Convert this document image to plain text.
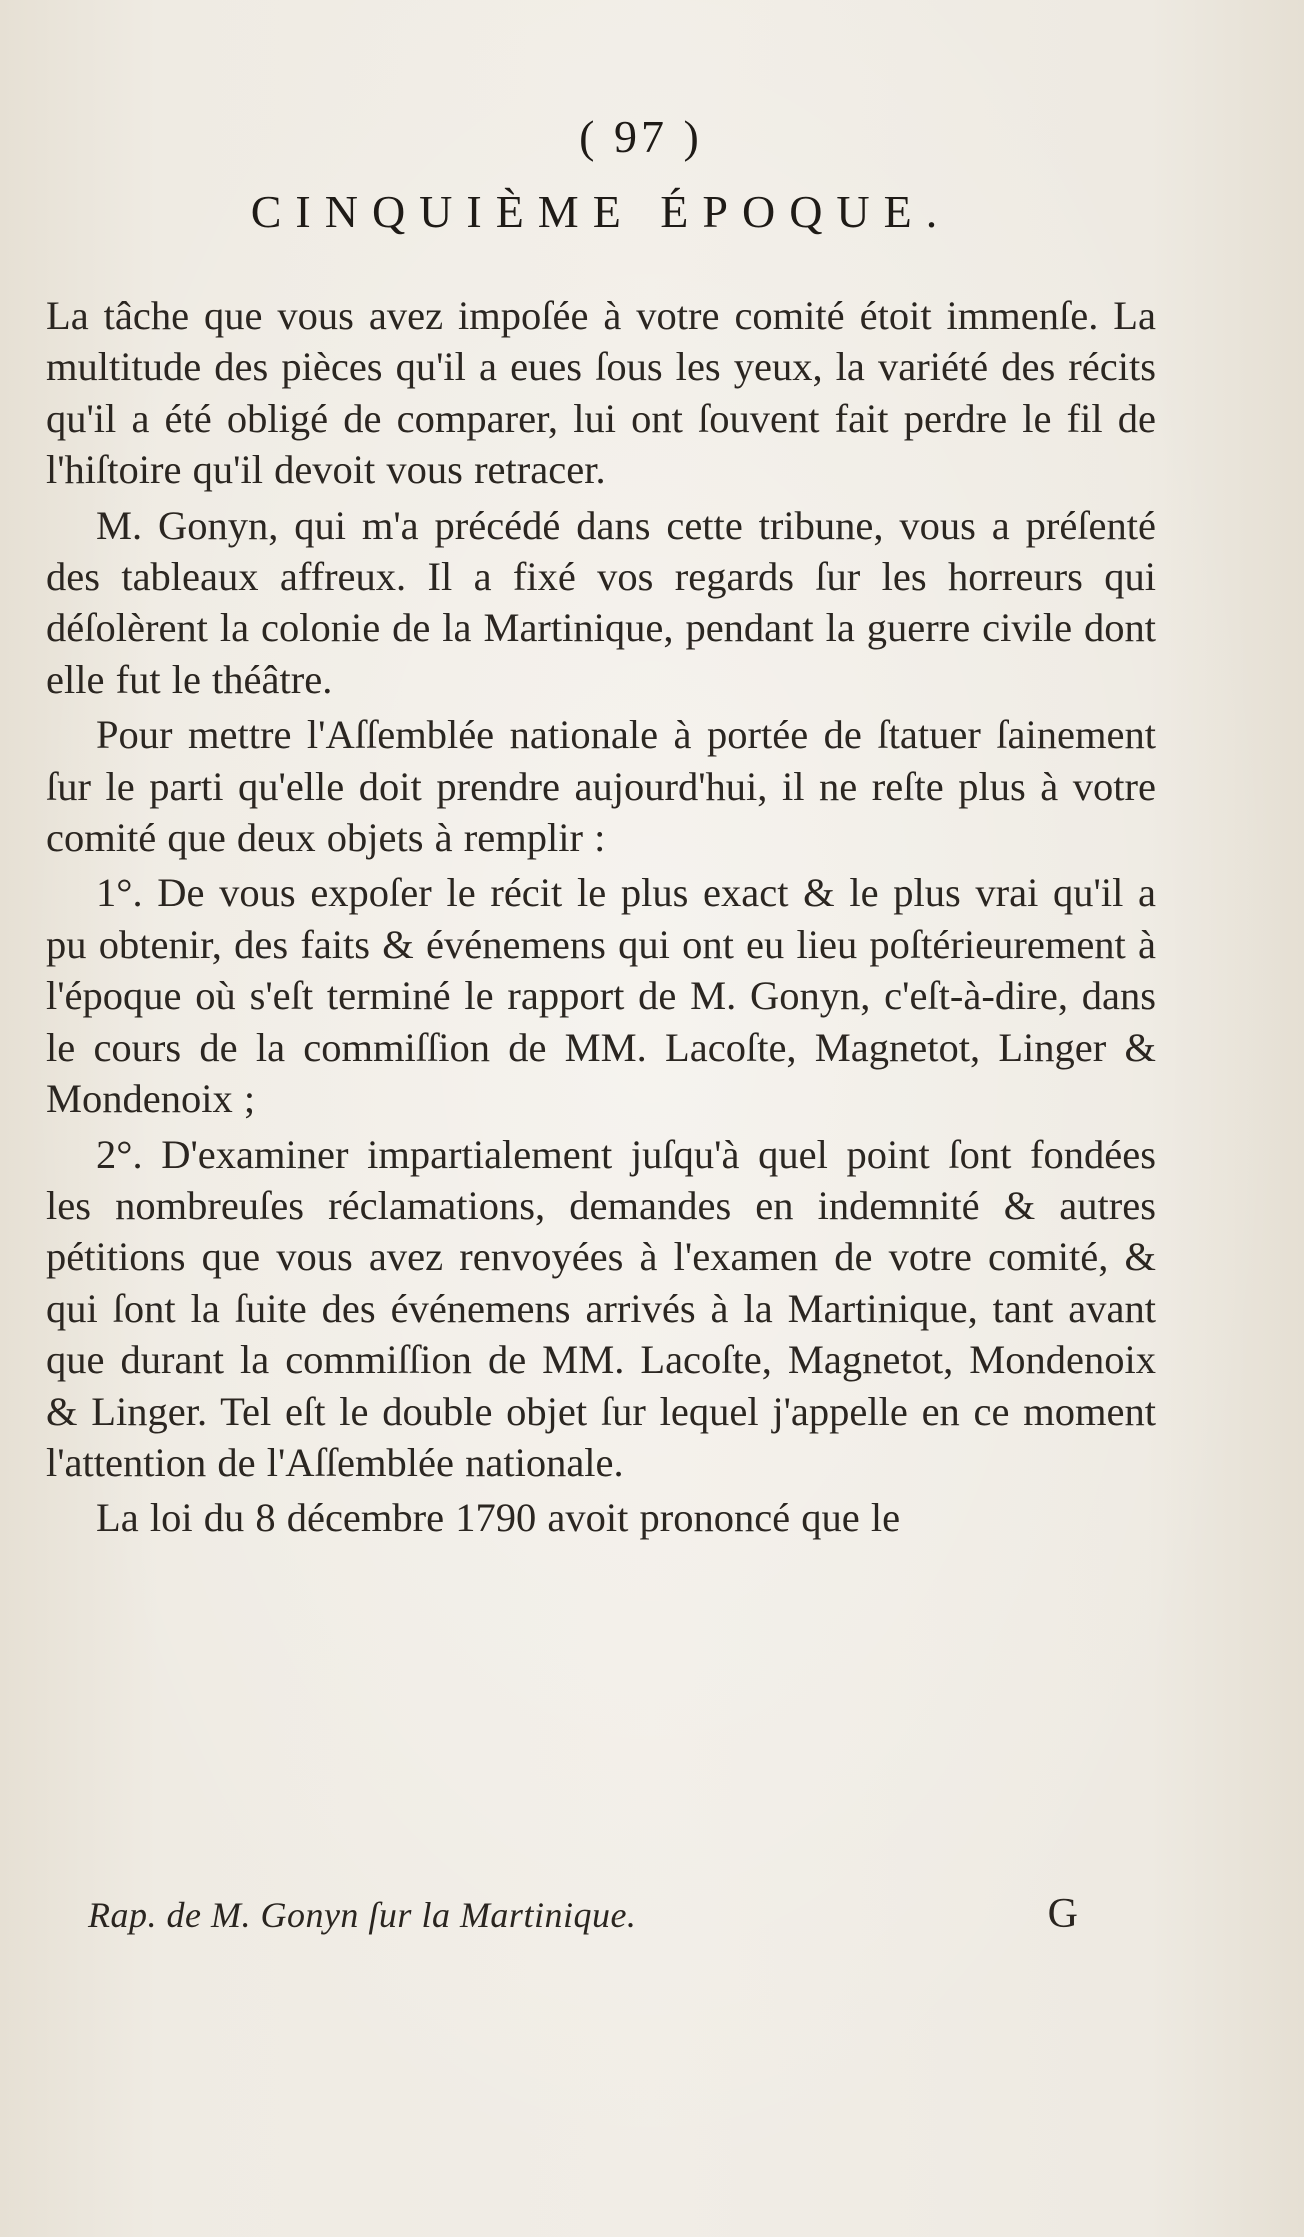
( 97 )
CINQUIÈME ÉPOQUE.

La tâche que vous avez impoſée à votre comité étoit immenſe. La multitude des pièces qu'il a eues ſous les yeux, la variété des récits qu'il a été obligé de comparer, lui ont ſouvent fait perdre le fil de l'hiſtoire qu'il devoit vous retracer.

M. Gonyn, qui m'a précédé dans cette tribune, vous a préſenté des tableaux affreux. Il a fixé vos regards ſur les horreurs qui déſolèrent la colonie de la Martinique, pendant la guerre civile dont elle fut le théâtre.

Pour mettre l'Aſſemblée nationale à portée de ſtatuer ſainement ſur le parti qu'elle doit prendre aujourd'hui, il ne reſte plus à votre comité que deux objets à remplir :

1°. De vous expoſer le récit le plus exact & le plus vrai qu'il a pu obtenir, des faits & événemens qui ont eu lieu poſtérieurement à l'époque où s'eſt terminé le rapport de M. Gonyn, c'eſt-à-dire, dans le cours de la commiſſion de MM. Lacoſte, Magnetot, Linger & Mondenoix ;

2°. D'examiner impartialement juſqu'à quel point ſont fondées les nombreuſes réclamations, demandes en indemnité & autres pétitions que vous avez renvoyées à l'examen de votre comité, & qui ſont la ſuite des événemens arrivés à la Martinique, tant avant que durant la commiſſion de MM. Lacoſte, Magnetot, Mondenoix & Linger. Tel eſt le double objet ſur lequel j'appelle en ce moment l'attention de l'Aſſemblée nationale.

La loi du 8 décembre 1790 avoit prononcé que le

Rap. de M. Gonyn ſur la Martinique.	G
